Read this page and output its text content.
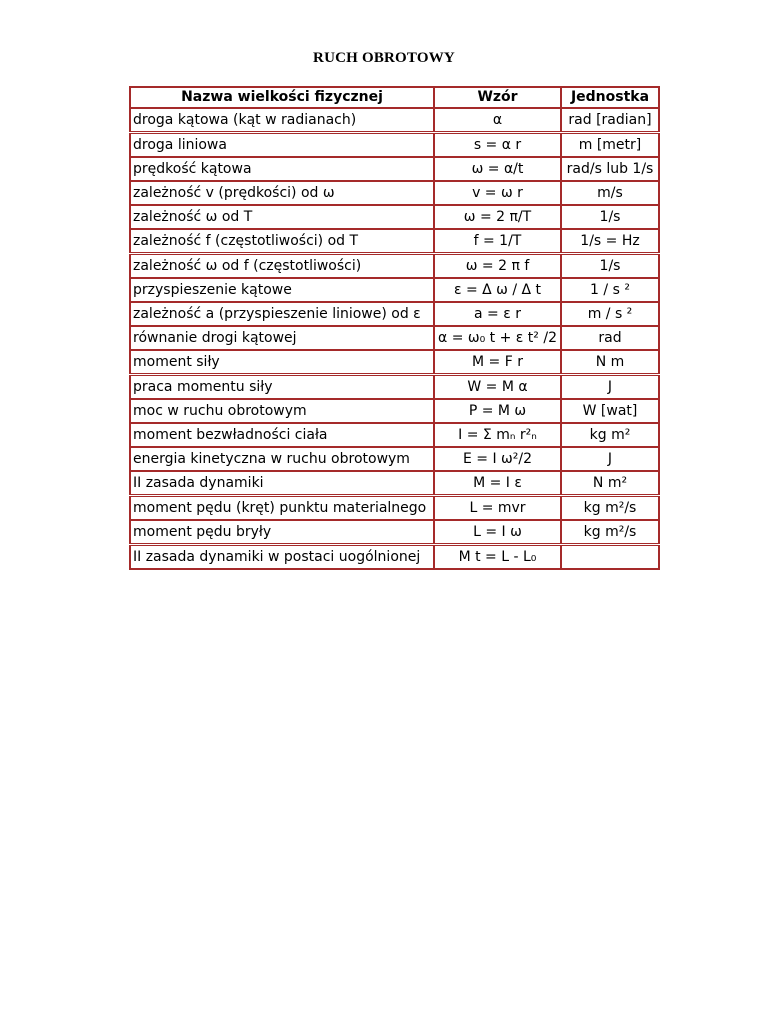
RUCH OBROTOWY
Nazwa wielkości fizycznej	Wzór	Jednostka
droga kątowa (kąt w radianach)	α	rad [radian]
droga liniowa	s = α r	m [metr]
prędkość kątowa	ω = α/t	rad/s lub 1/s
zależność v (prędkości) od ω	v = ω r	m/s
zależność ω od T	ω = 2 π/T	1/s
zależność f (częstotliwości) od T	f = 1/T	1/s = Hz
zależność ω od f (częstotliwości)	ω = 2 π f	1/s
przyspieszenie kątowe	ε = Δ ω / Δ t	1 / s ²
zależność a (przyspieszenie liniowe) od ε	a = ε r	m / s ²
równanie drogi kątowej	α = ω₀ t + ε t² /2	rad
moment siły	M = F r	N m
praca momentu siły	W = M α	J
moc w ruchu obrotowym	P = M ω	W [wat]
moment bezwładności ciała	I = Σ mₙ r²ₙ	kg m²
energia kinetyczna w ruchu obrotowym	E = I ω²/2	J
II zasada dynamiki	M = I ε	N m²
moment pędu (kręt) punktu materialnego	L = mvr	kg m²/s
moment pędu bryły	L = I ω	kg m²/s
II zasada dynamiki w postaci uogólnionej	M t = L - L₀	
